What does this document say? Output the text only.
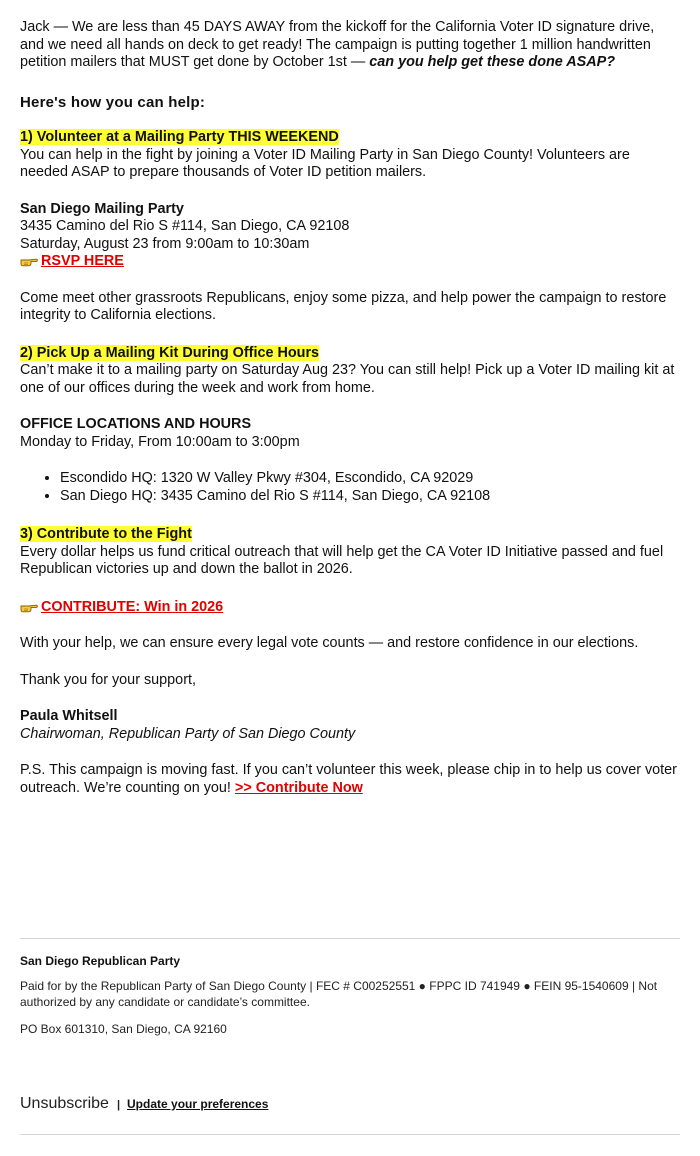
Jack — We are less than 45 DAYS AWAY from the kickoff for the California Voter ID signature drive, and we need all hands on deck to get ready! The campaign is putting together 1 million handwritten petition mailers that MUST get done by October 1st — can you help get these done ASAP?

Here's how you can help:

1) Volunteer at a Mailing Party THIS WEEKEND

You can help in the fight by joining a Voter ID Mailing Party in San Diego County! Volunteers are needed ASAP to prepare thousands of Voter ID petition mailers.

San Diego Mailing Party

3435 Camino del Rio S #114, San Diego, CA 92108

Saturday, August 23 from 9:00am to 10:30am

RSVP HERE

Come meet other grassroots Republicans, enjoy some pizza, and help power the campaign to restore integrity to California elections.

2) Pick Up a Mailing Kit During Office Hours

Can’t make it to a mailing party on Saturday Aug 23? You can still help! Pick up a Voter ID mailing kit at one of our offices during the week and work from home.

OFFICE LOCATIONS AND HOURS

Monday to Friday, From 10:00am to 3:00pm

• Escondido HQ: 1320 W Valley Pkwy #304, Escondido, CA 92029
• San Diego HQ: 3435 Camino del Rio S #114, San Diego, CA 92108

3) Contribute to the Fight

Every dollar helps us fund critical outreach that will help get the CA Voter ID Initiative passed and fuel Republican victories up and down the ballot in 2026.

CONTRIBUTE: Win in 2026

With your help, we can ensure every legal vote counts — and restore confidence in our elections.

Thank you for your support,

Paula Whitsell

Chairwoman, Republican Party of San Diego County

P.S. This campaign is moving fast. If you can’t volunteer this week, please chip in to help us cover voter outreach. We’re counting on you! >> Contribute Now

San Diego Republican Party

Paid for by the Republican Party of San Diego County | FEC # C00252551 ● FPPC ID 741949 ● FEIN 95-1540609 | Not authorized by any candidate or candidate’s committee.

PO Box 601310, San Diego, CA 92160

Unsubscribe | Update your preferences
